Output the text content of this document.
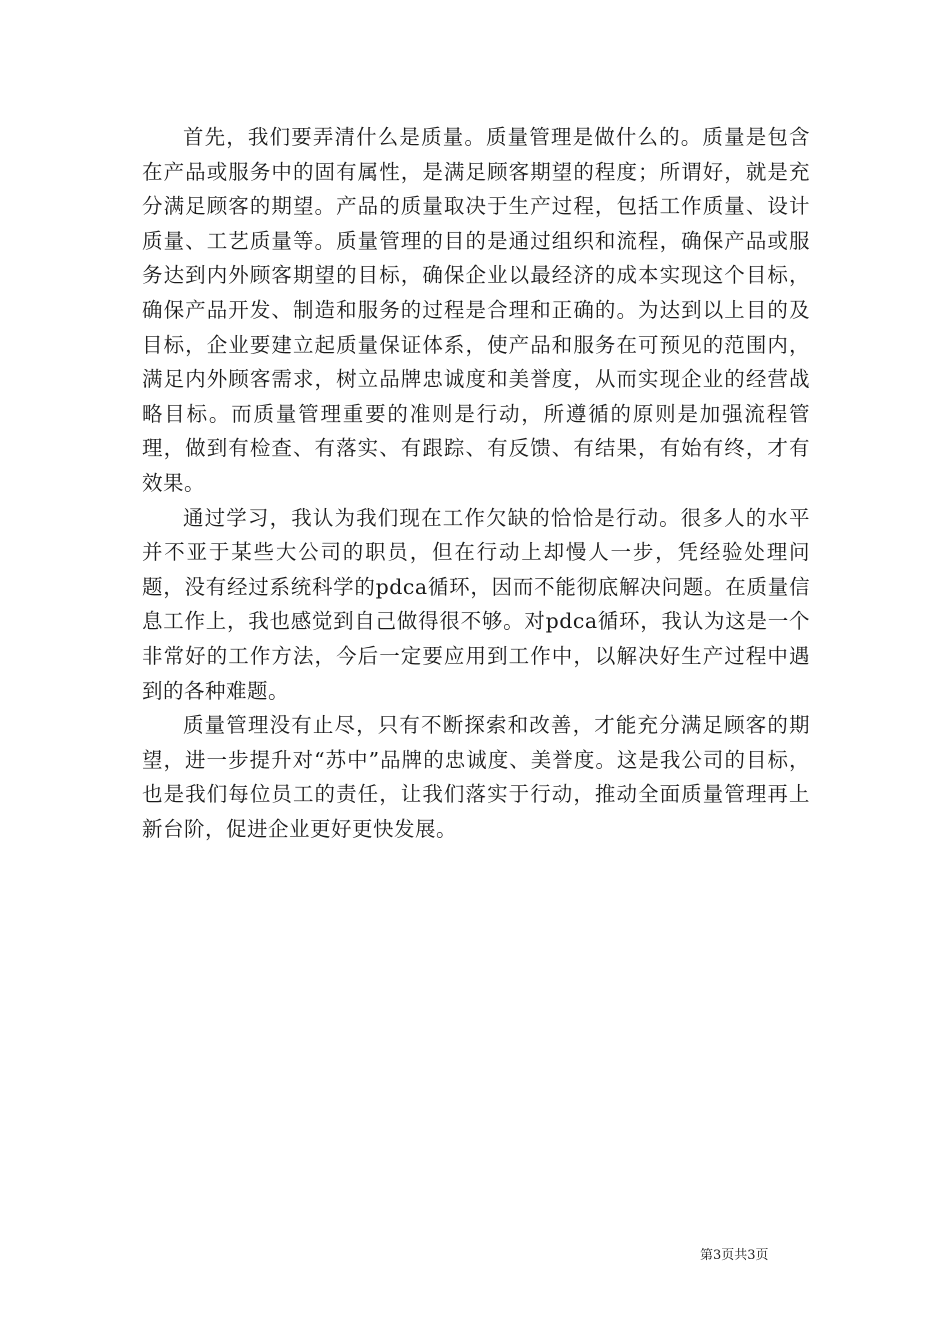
首先，我们要弄清什么是质量。质量管理是做什么的。质量是包含在产品或服务中的固有属性，是满足顾客期望的程度；所谓好，就是充分满足顾客的期望。产品的质量取决于生产过程，包括工作质量、设计质量、工艺质量等。质量管理的目的是通过组织和流程，确保产品或服务达到内外顾客期望的目标，确保企业以最经济的成本实现这个目标，确保产品开发、制造和服务的过程是合理和正确的。为达到以上目的及目标，企业要建立起质量保证体系，使产品和服务在可预见的范围内，满足内外顾客需求，树立品牌忠诚度和美誉度，从而实现企业的经营战略目标。而质量管理重要的准则是行动，所遵循的原则是加强流程管理，做到有检查、有落实、有跟踪、有反馈、有结果，有始有终，才有效果。

通过学习，我认为我们现在工作欠缺的恰恰是行动。很多人的水平并不亚于某些大公司的职员，但在行动上却慢人一步，凭经验处理问题，没有经过系统科学的pdca循环，因而不能彻底解决问题。在质量信息工作上，我也感觉到自己做得很不够。对pdca循环，我认为这是一个非常好的工作方法，今后一定要应用到工作中，以解决好生产过程中遇到的各种难题。

质量管理没有止尽，只有不断探索和改善，才能充分满足顾客的期望，进一步提升对“苏中”品牌的忠诚度、美誉度。这是我公司的目标，也是我们每位员工的责任，让我们落实于行动，推动全面质量管理再上新台阶，促进企业更好更快发展。

第3页共3页
